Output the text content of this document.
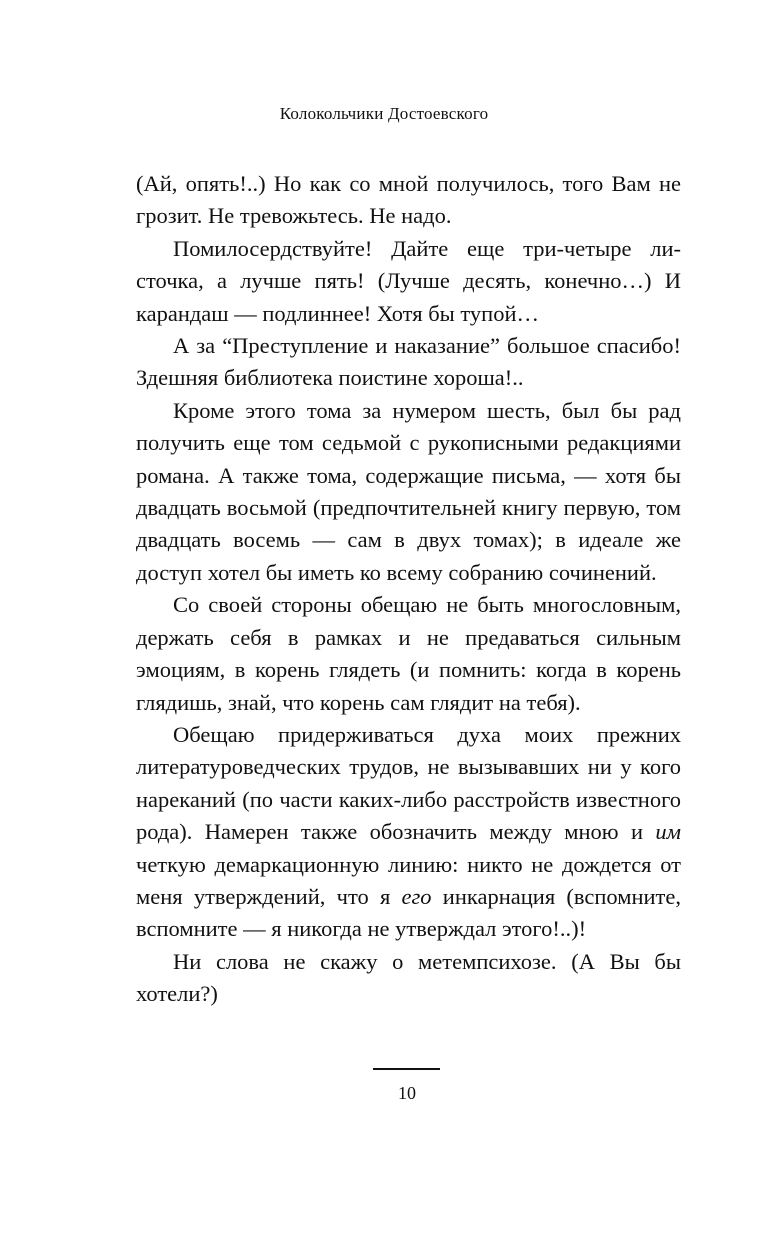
Колокольчики Достоевского

(Ай, опять!..) Но как со мной получилось, того Вам не грозит. Не тревожьтесь. Не надо.

Помилосердствуйте! Дайте еще три-четыре листочка, а лучше пять! (Лучше десять, конечно…) И карандаш — подлиннее! Хотя бы тупой…

А за “Преступление и наказание” большое спасибо! Здешняя библиотека поистине хороша!..

Кроме этого тома за нумером шесть, был бы рад получить еще том седьмой с рукописными редакциями романа. А также тома, содержащие письма, — хотя бы двадцать восьмой (предпочтительней книгу первую, том двадцать восемь — сам в двух томах); в идеале же доступ хотел бы иметь ко всему собранию сочинений.

Со своей стороны обещаю не быть многословным, держать себя в рамках и не предаваться сильным эмоциям, в корень глядеть (и помнить: когда в корень глядишь, знай, что корень сам глядит на тебя).

Обещаю придерживаться духа моих прежних литературоведческих трудов, не вызывавших ни у кого нареканий (по части каких-либо расстройств известного рода). Намерен также обозначить между мною и им четкую демаркационную линию: никто не дождется от меня утверждений, что я его инкарнация (вспомните, вспомните — я никогда не утверждал этого!..)!

Ни слова не скажу о метемпсихозе. (А Вы бы хотели?)

10
